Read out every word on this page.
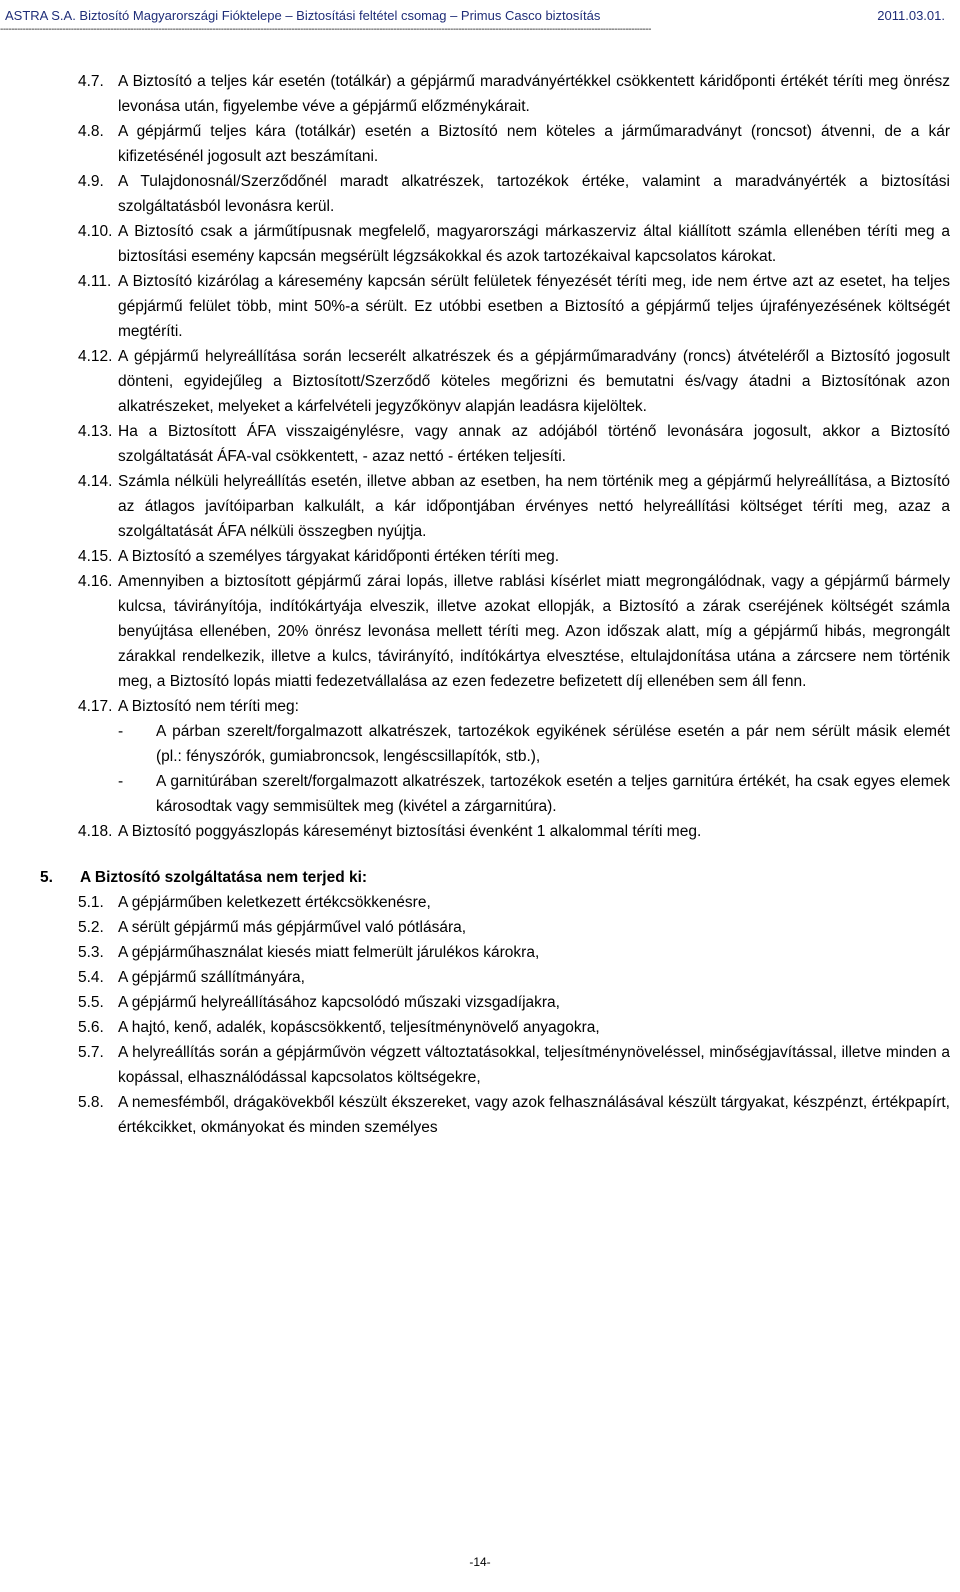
ASTRA S.A. Biztosító Magyarországi Fióktelepe – Biztosítási feltétel csomag – Primus Casco biztosítás	2011.03.01.
--------------------------------------------------------------------------------------------------------------------------------------------------------------------------------------------------------------------------------------
4.7. A Biztosító a teljes kár esetén (totálkár) a gépjármű maradványértékkel csökkentett káridőponti értékét téríti meg önrész levonása után, figyelembe véve a gépjármű előzménykárait.
4.8. A gépjármű teljes kára (totálkár) esetén a Biztosító nem köteles a járműmaradványt (roncsot) átvenni, de a kár kifizetésénél jogosult azt beszámítani.
4.9. A Tulajdonosnál/Szerződőnél maradt alkatrészek, tartozékok értéke, valamint a maradványérték a biztosítási szolgáltatásból levonásra kerül.
4.10. A Biztosító csak a járműtípusnak megfelelő, magyarországi márkaszerviz által kiállított számla ellenében téríti meg a biztosítási esemény kapcsán megsérült légzsákokkal és azok tartozékaival kapcsolatos károkat.
4.11. A Biztosító kizárólag a káresemény kapcsán sérült felületek fényezését téríti meg, ide nem értve azt az esetet, ha teljes gépjármű felület több, mint 50%-a sérült. Ez utóbbi esetben a Biztosító a gépjármű teljes újrafényezésének költségét megtéríti.
4.12. A gépjármű helyreállítása során lecserélt alkatrészek és a gépjárműmaradvány (roncs) átvételéről a Biztosító jogosult dönteni, egyidejűleg a Biztosított/Szerződő köteles megőrizni és bemutatni és/vagy átadni a Biztosítónak azon alkatrészeket, melyeket a kárfelvételi jegyzőkönyv alapján leadásra kijelöltek.
4.13. Ha a Biztosított ÁFA visszaigénylésre, vagy annak az adójából történő levonására jogosult, akkor a Biztosító szolgáltatását ÁFA-val csökkentett, - azaz nettó - értéken teljesíti.
4.14. Számla nélküli helyreállítás esetén, illetve abban az esetben, ha nem történik meg a gépjármű helyreállítása, a Biztosító az átlagos javítóiparban kalkulált, a kár időpontjában érvényes nettó helyreállítási költséget téríti meg, azaz a szolgáltatását ÁFA nélküli összegben nyújtja.
4.15. A Biztosító a személyes tárgyakat káridőponti értéken téríti meg.
4.16. Amennyiben a biztosított gépjármű zárai lopás, illetve rablási kísérlet miatt megrongálódnak, vagy a gépjármű bármely kulcsa, távirányítója, indítókártyája elveszik, illetve azokat ellopják, a Biztosító a zárak cseréjének költségét számla benyújtása ellenében, 20% önrész levonása mellett téríti meg. Azon időszak alatt, míg a gépjármű hibás, megrongált zárakkal rendelkezik, illetve a kulcs, távirányító, indítókártya elvesztése, eltulajdonítása utána a zárcsere nem történik meg, a Biztosító lopás miatti fedezetvállalása az ezen fedezetre befizetett díj ellenében sem áll fenn.
4.17. A Biztosító nem téríti meg:
- A párban szerelt/forgalmazott alkatrészek, tartozékok egyikének sérülése esetén a pár nem sérült másik elemét (pl.: fényszórók, gumiabroncsok, lengéscsillapítók, stb.),
- A garnitúrában szerelt/forgalmazott alkatrészek, tartozékok esetén a teljes garnitúra értékét, ha csak egyes elemek károsodtak vagy semmisültek meg (kivétel a zárgarnitúra).
4.18. A Biztosító poggyászlopás káreseményt biztosítási évenként 1 alkalommal téríti meg.
5. A Biztosító szolgáltatása nem terjed ki:
5.1. A gépjárműben keletkezett értékcsökkenésre,
5.2. A sérült gépjármű más gépjárművel való pótlására,
5.3. A gépjárműhasználat kiesés miatt felmerült járulékos károkra,
5.4. A gépjármű szállítmányára,
5.5. A gépjármű helyreállításához kapcsolódó műszaki vizsgadíjakra,
5.6. A hajtó, kenő, adalék, kopáscsökkentő, teljesítménynövelő anyagokra,
5.7. A helyreállítás során a gépjárművön végzett változtatásokkal, teljesítménynöveléssel, minőségjavítással, illetve minden a kopással, elhasználódással kapcsolatos költségekre,
5.8. A nemesfémből, drágakövekből készült ékszereket, vagy azok felhasználásával készült tárgyakat, készpénzt, értékpapírt, értékcikket, okmányokat és minden személyes
-14-
